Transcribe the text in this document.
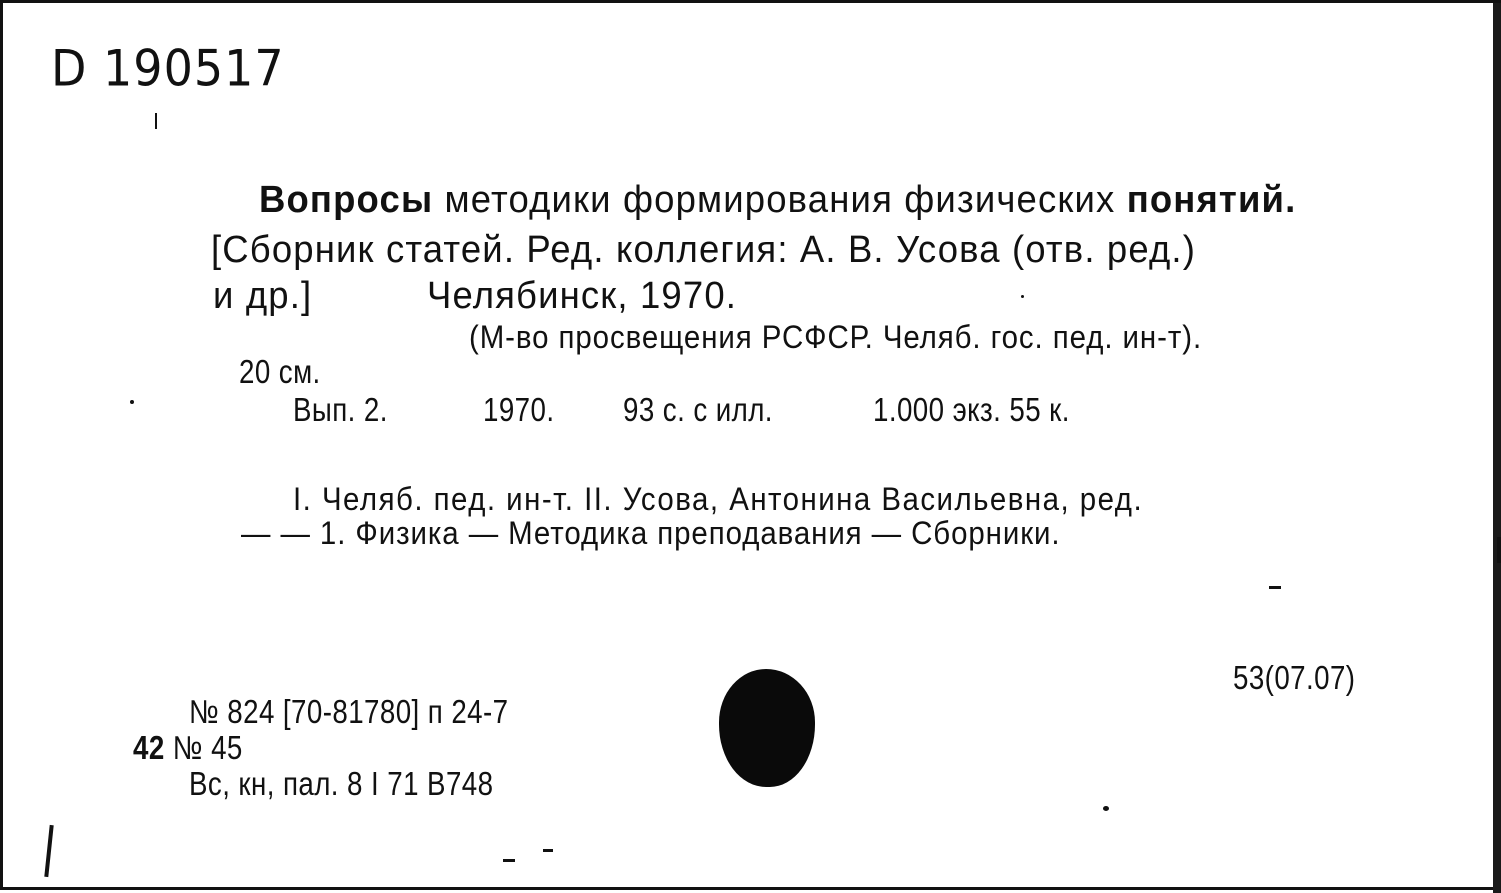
D 190517
Вопросы методики формирования физических понятий.
[Сборник статей. Ред. коллегия: А. В. Усова (отв. ред.)
и др.]	Челябинск, 1970.
(М-во просвещения РСФСР. Челяб. гос. пед. ин-т).
20 см.
Вып. 2.	1970. 93 с. с илл.	1.000 экз. 55 к.
I. Челяб. пед. ин-т. II. Усова, Антонина Васильевна, ред.
— — 1. Физика — Методика преподавания — Сборники.
53(07.07)
№ 824 [70-81780] п 24-7
42 № 45
Вс, кн, пал. 8 I 71 В748
